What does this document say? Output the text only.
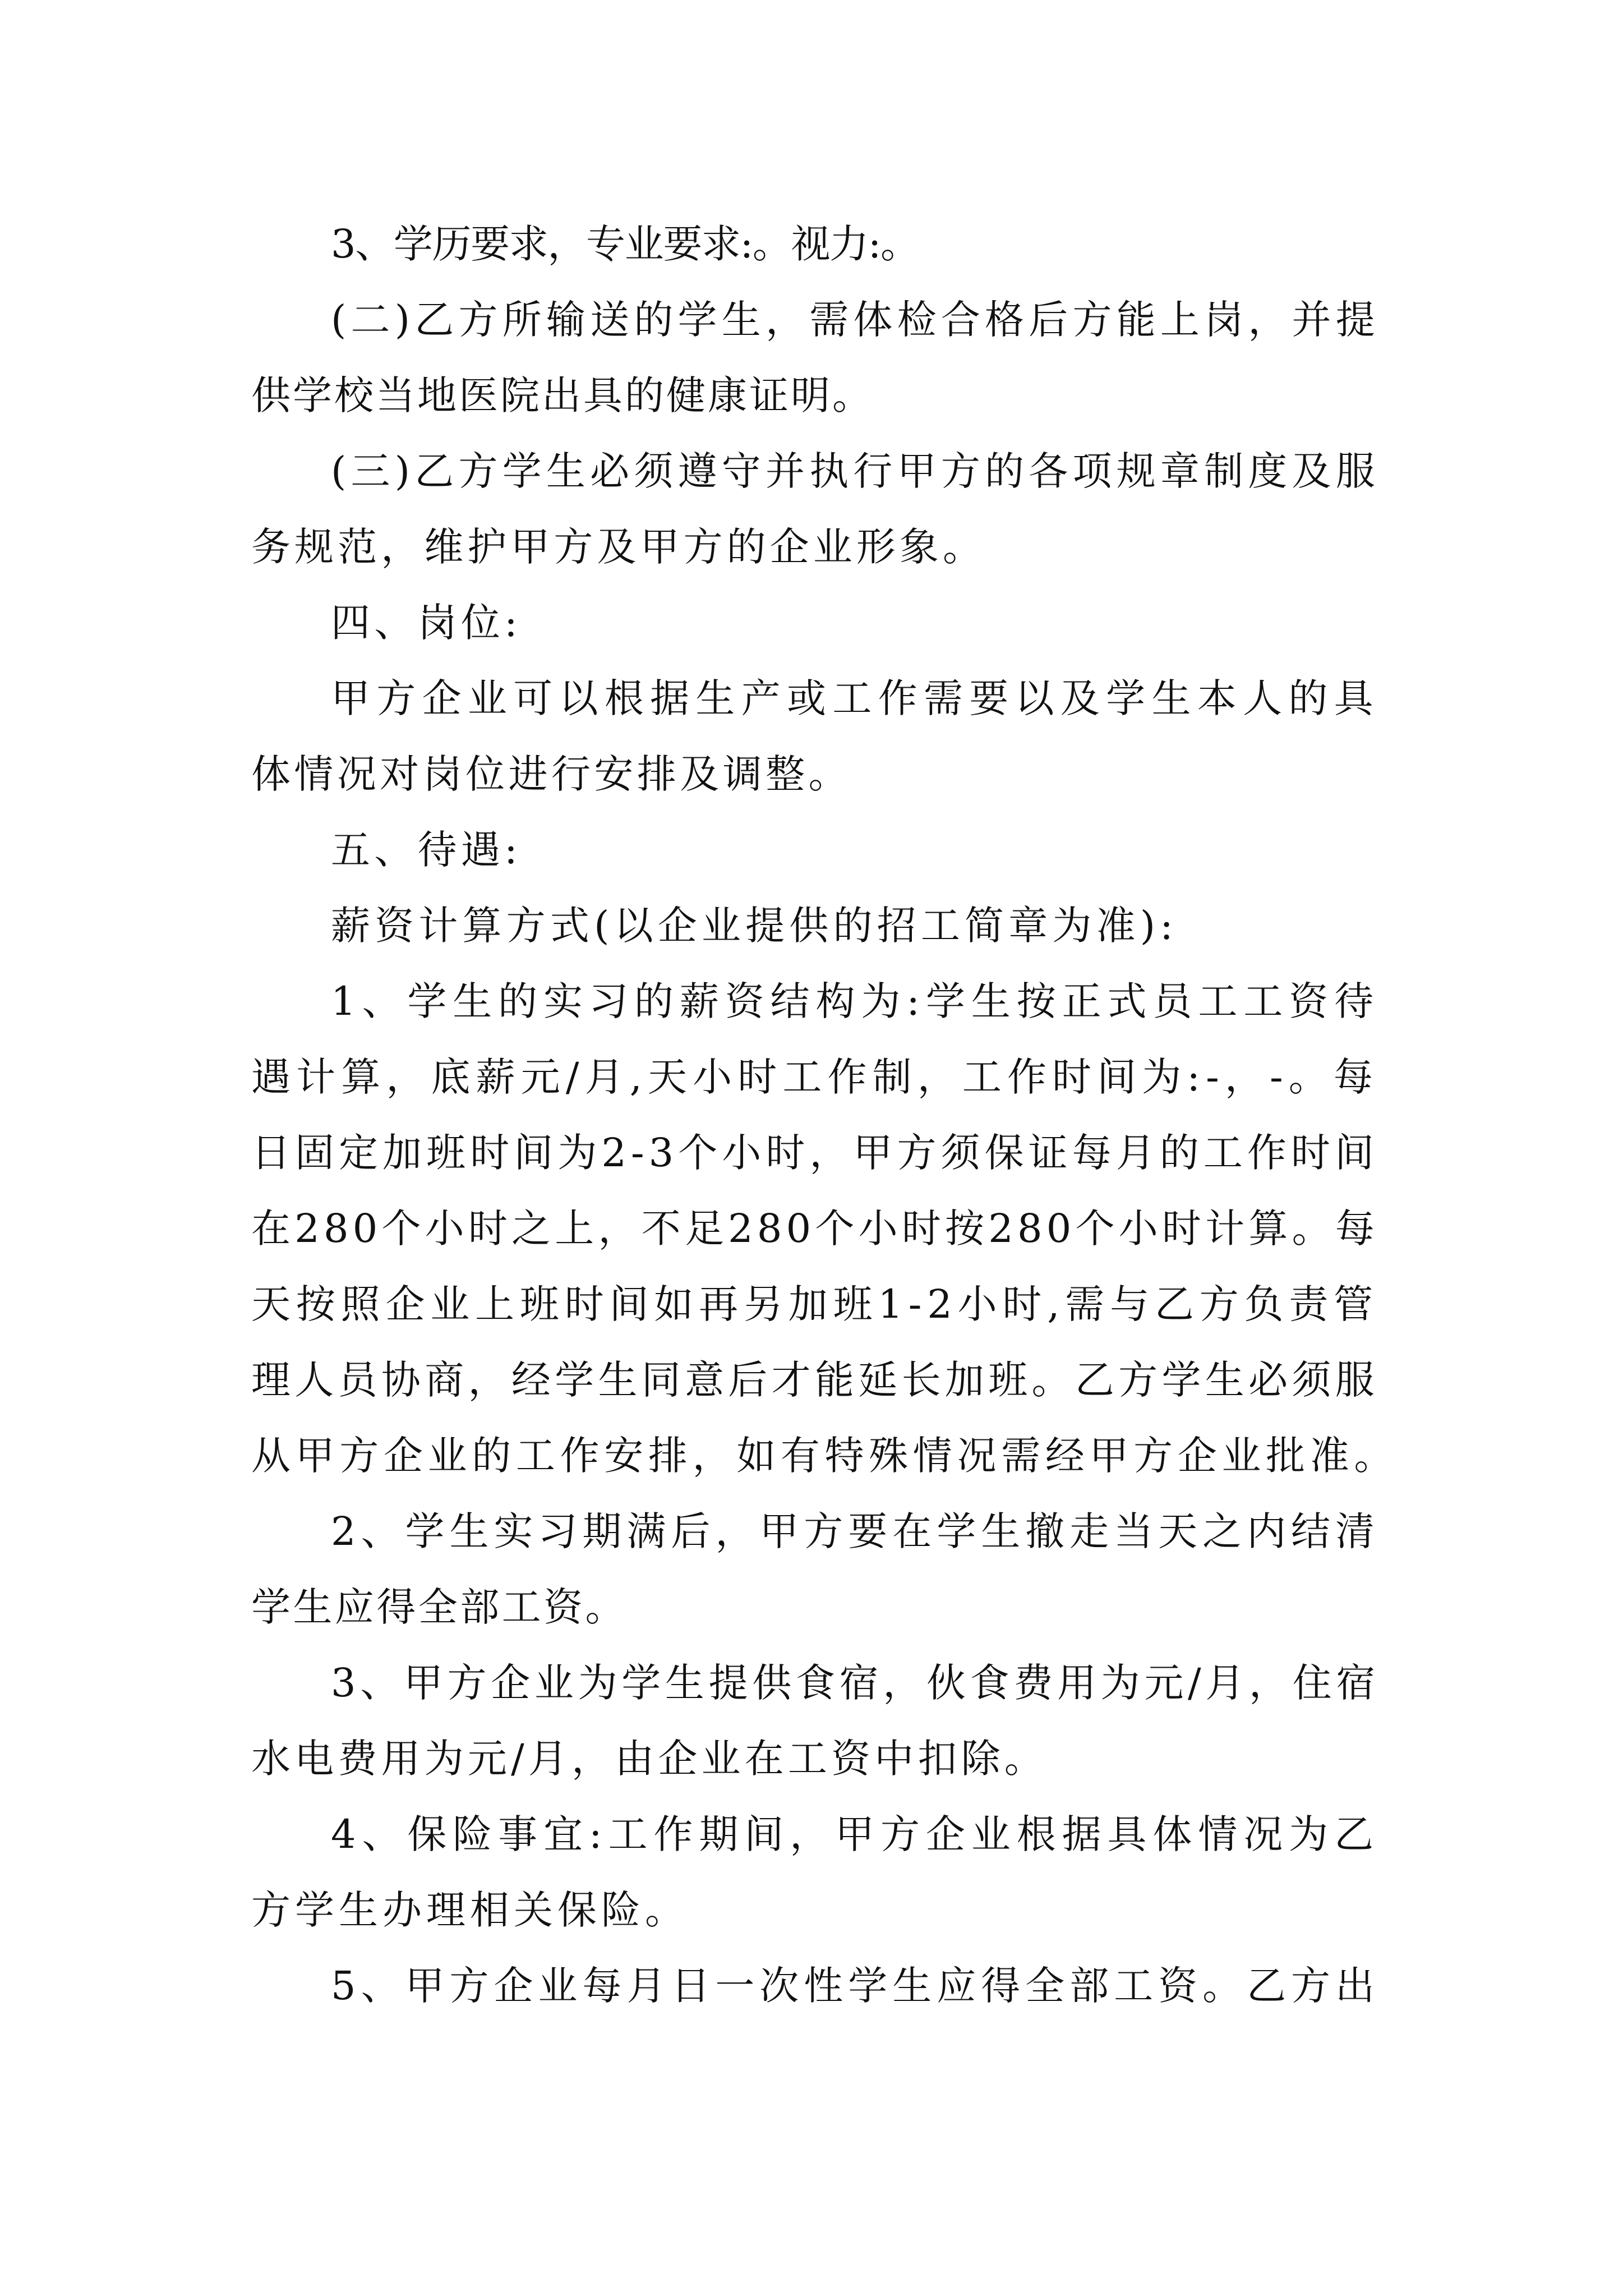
3、学历要求，专业要求:。视力:。
(二)乙方所输送的学生，需体检合格后方能上岗，并提
供学校当地医院出具的健康证明。
(三)乙方学生必须遵守并执行甲方的各项规章制度及服
务规范，维护甲方及甲方的企业形象。
四、岗位:
甲方企业可以根据生产或工作需要以及学生本人的具
体情况对岗位进行安排及调整。
五、待遇:
薪资计算方式(以企业提供的招工简章为准):
1、学生的实习的薪资结构为:学生按正式员工工资待
遇计算，底薪元/月,天小时工作制，工作时间为:-，-。每
日固定加班时间为2-3个小时，甲方须保证每月的工作时间
在280个小时之上，不足280个小时按280个小时计算。每
天按照企业上班时间如再另加班1-2小时,需与乙方负责管
理人员协商，经学生同意后才能延长加班。乙方学生必须服
从甲方企业的工作安排，如有特殊情况需经甲方企业批准。
2、学生实习期满后，甲方要在学生撤走当天之内结清
学生应得全部工资。
3、甲方企业为学生提供食宿，伙食费用为元/月，住宿
水电费用为元/月，由企业在工资中扣除。
4、保险事宜:工作期间，甲方企业根据具体情况为乙
方学生办理相关保险。
5、甲方企业每月日一次性学生应得全部工资。乙方出
